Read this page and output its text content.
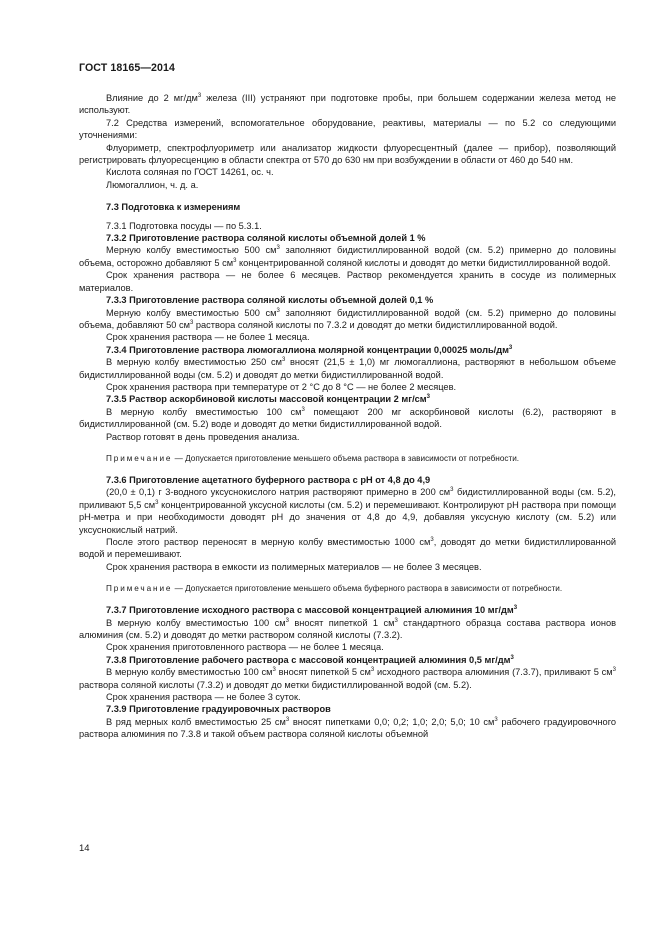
ГОСТ 18165—2014

Влияние до 2 $мг/дм^3$ железа (III) устраняют при подготовке пробы, при большем содержании железа метод не используют.

7.2 Средства измерений, вспомогательное оборудование, реактивы, материалы — по 5.2 со следующими уточнениями:

Флуориметр, спектрофлуориметр или анализатор жидкости флуоресцентный (далее — прибор), позволяющий регистрировать флуоресценцию в области спектра от 570 до 630 нм при возбуждении в области от 460 до 540 нм.

Кислота соляная по ГОСТ 14261, ос. ч.

Люмогаллион, ч. д. а.

7.3 Подготовка к измерениям

7.3.1 Подготовка посуды — по 5.3.1.

7.3.2 Приготовление раствора соляной кислоты объемной долей 1 %

Мерную колбу вместимостью 500 $см^3$ заполняют бидистиллированной водой (см. 5.2) примерно до половины объема, осторожно добавляют 5 $см^3$ концентрированной соляной кислоты и доводят до метки бидистиллированной водой.

Срок хранения раствора — не более 6 месяцев. Раствор рекомендуется хранить в сосуде из полимерных материалов.

7.3.3 Приготовление раствора соляной кислоты объемной долей 0,1 %

Мерную колбу вместимостью 500 $см^3$ заполняют бидистиллированной водой (см. 5.2) примерно до половины объема, добавляют 50 $см^3$ раствора соляной кислоты по 7.3.2 и доводят до метки бидистиллированной водой.

Срок хранения раствора — не более 1 месяца.

7.3.4 Приготовление раствора люмогаллиона молярной концентрации 0,00025 моль/$дм^3$

В мерную колбу вместимостью 250 $см^3$ вносят (21,5 ± 1,0) мг люмогаллиона, растворяют в небольшом объеме бидистиллированной воды (см. 5.2) и доводят до метки бидистиллированной водой.

Срок хранения раствора при температуре от 2 °С до 8 °С — не более 2 месяцев.

7.3.5 Раствор аскорбиновой кислоты массовой концентрации 2 $мг/см^3$

В мерную колбу вместимостью 100 $см^3$ помещают 200 мг аскорбиновой кислоты (6.2), растворяют в бидистиллированной (см. 5.2) воде и доводят до метки бидистиллированной водой.

Раствор готовят в день проведения анализа.

Примечание — Допускается приготовление меньшего объема раствора в зависимости от потребности.

7.3.6 Приготовление ацетатного буферного раствора с рН от 4,8 до 4,9

(20,0 ± 0,1) г 3-водного уксуснокислого натрия растворяют примерно в 200 $см^3$ бидистиллированной воды (см. 5.2), приливают 5,5 $см^3$ концентрированной уксусной кислоты (см. 5.2) и перемешивают. Контролируют рН раствора при помощи рН-метра и при необходимости доводят рН до значения от 4,8 до 4,9, добавляя уксусную кислоту (см. 5.2) или уксуснокислый натрий.

После этого раствор переносят в мерную колбу вместимостью 1000 $см^3$, доводят до метки бидистиллированной водой и перемешивают.

Срок хранения раствора в емкости из полимерных материалов — не более 3 месяцев.

Примечание — Допускается приготовление меньшего объема буферного раствора в зависимости от потребности.

7.3.7 Приготовление исходного раствора с массовой концентрацией алюминия 10 $мг/дм^3$

В мерную колбу вместимостью 100 $см^3$ вносят пипеткой 1 $см^3$ стандартного образца состава раствора ионов алюминия (см. 5.2) и доводят до метки раствором соляной кислоты (7.3.2).

Срок хранения приготовленного раствора — не более 1 месяца.

7.3.8 Приготовление рабочего раствора с массовой концентрацией алюминия 0,5 $мг/дм^3$

В мерную колбу вместимостью 100 $см^3$ вносят пипеткой 5 $см^3$ исходного раствора алюминия (7.3.7), приливают 5 $см^3$ раствора соляной кислоты (7.3.2) и доводят до метки бидистиллированной водой (см. 5.2).

Срок хранения раствора — не более 3 суток.

7.3.9 Приготовление градуировочных растворов

В ряд мерных колб вместимостью 25 $см^3$ вносят пипетками 0,0; 0,2; 1,0; 2,0; 5,0; 10 $см^3$ рабочего градуировочного раствора алюминия по 7.3.8 и такой объем раствора соляной кислоты объемной

14
